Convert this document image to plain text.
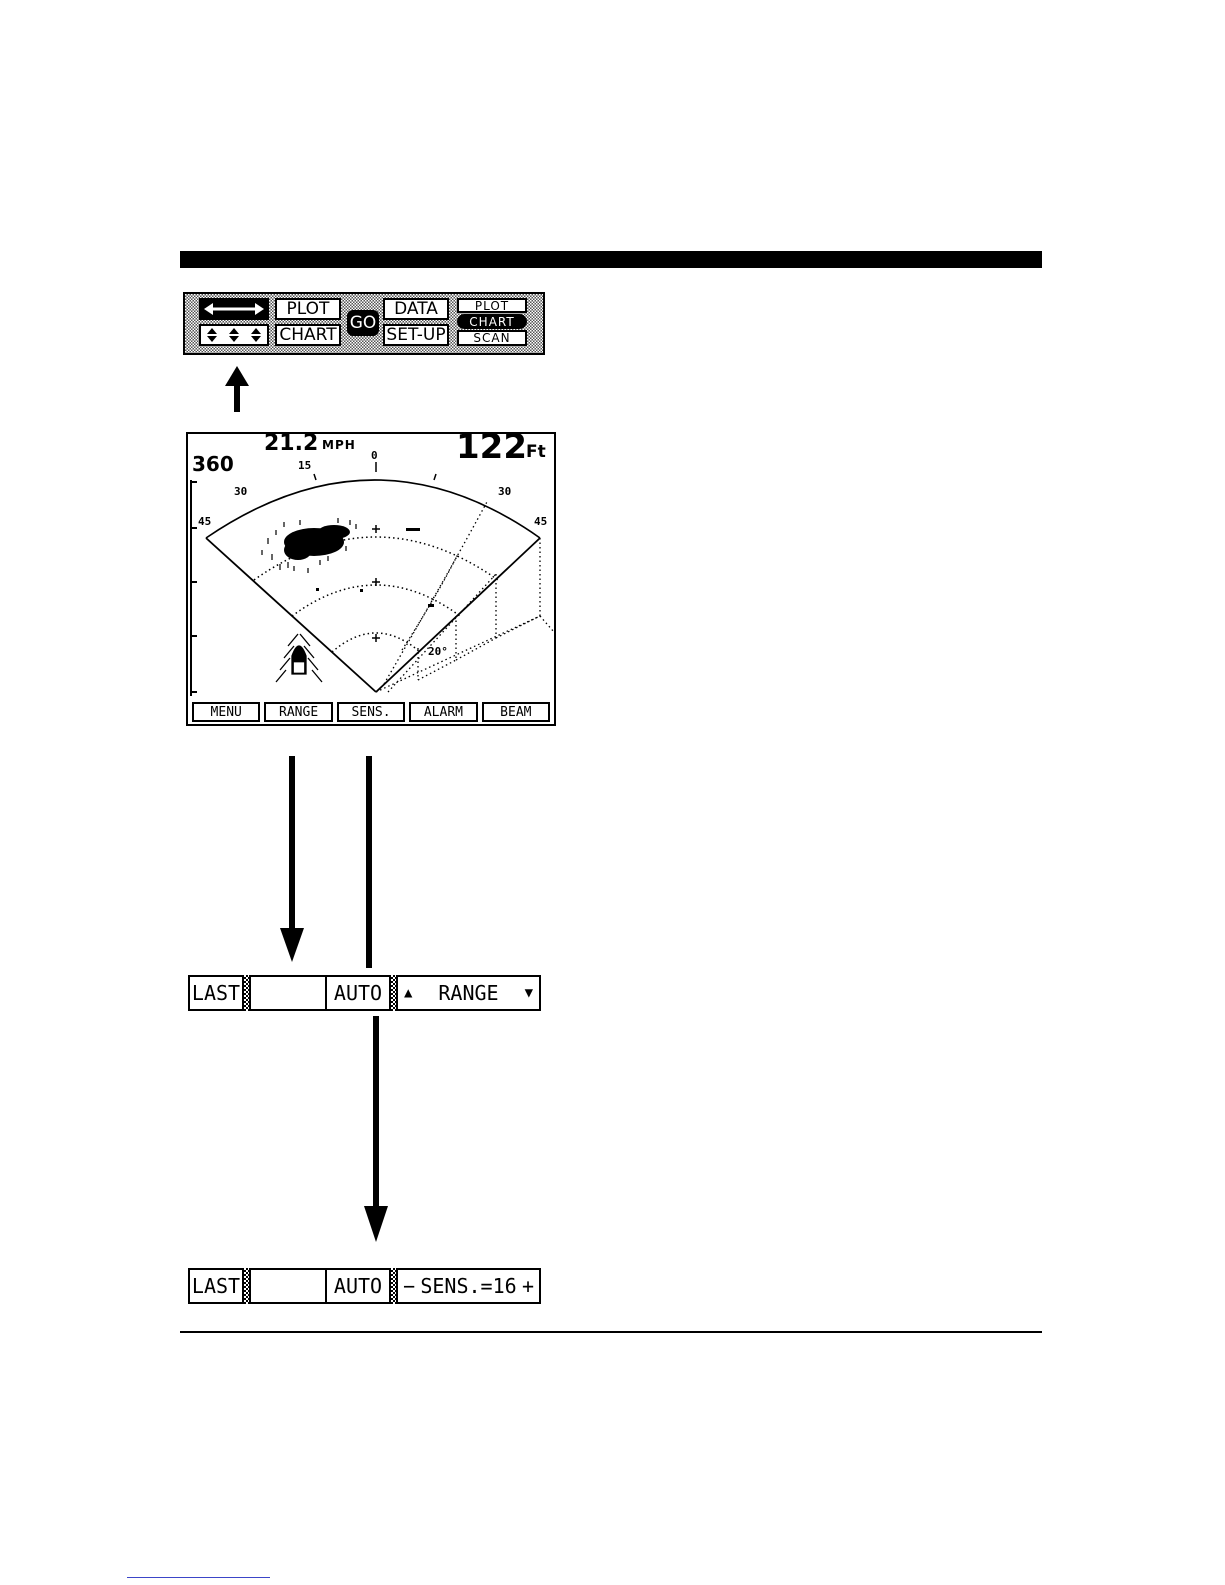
PLOT
CHART
GO
DATA
SET-UP
PLOT
CHART
SCAN
360
21.2 MPH	122 Ft
0
15
30	30
45	45
20°
MENU	RANGE	SENS.	ALARM	BEAM
LAST	AUTO	▲ RANGE ▼
LAST	AUTO	− SENS.=16 +
